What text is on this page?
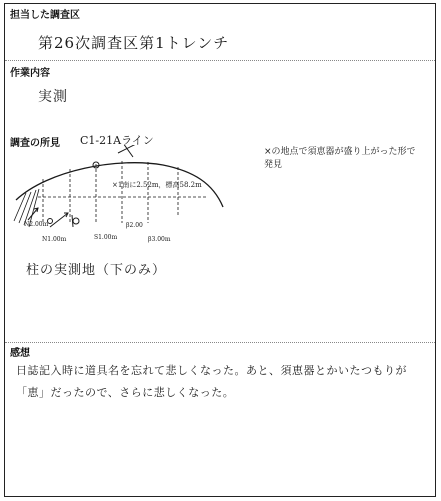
担当した調査区
第26次調査区第1トレンチ
作業内容
実測
調査の所見 C1-21Aライン
×の地点で須恵器が盛り上がった形で発見
×1南に2.52m，標高58.2m
β2.00
N2.00m
N1.00m	S1.00m	β3.00m
柱の実測地（下のみ）
感想
日誌記入時に道具名を忘れて悲しくなった。あと、須恵器とかいたつもりが「恵」だったので、さらに悲しくなった。
